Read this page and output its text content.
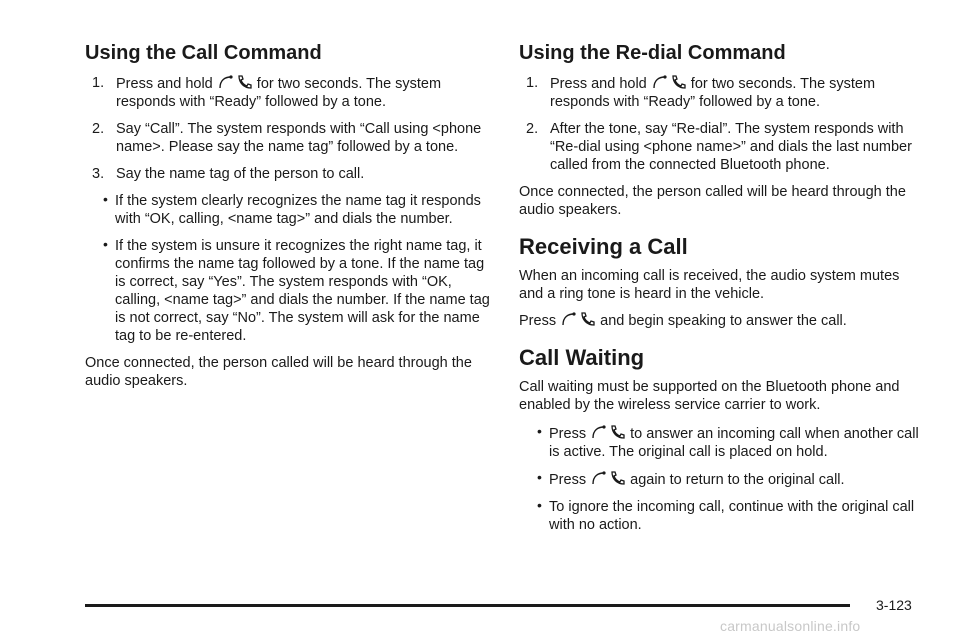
Using the Call Command
1. Press and hold	for two seconds. The system responds with “Ready” followed by a tone.
2. Say “Call”. The system responds with “Call using <phone name>. Please say the name tag” followed by a tone.
3. Say the name tag of the person to call.
• If the system clearly recognizes the name tag it responds with “OK, calling, <name tag>” and dials the number.
• If the system is unsure it recognizes the right name tag, it confirms the name tag followed by a tone. If the name tag is correct, say “Yes”. The system responds with “OK, calling, <name tag>” and dials the number. If the name tag is not correct, say “No”. The system will ask for the name tag to be re-entered.

Once connected, the person called will be heard through the audio speakers.

Using the Re-dial Command
1. Press and hold	for two seconds. The system responds with “Ready” followed by a tone.
2. After the tone, say “Re-dial”. The system responds with “Re-dial using <phone name>” and dials the last number called from the connected Bluetooth phone.

Once connected, the person called will be heard through the audio speakers.

Receiving a Call

When an incoming call is received, the audio system mutes and a ring tone is heard in the vehicle.

Press	and begin speaking to answer the call.

Call Waiting

Call waiting must be supported on the Bluetooth phone and enabled by the wireless service carrier to work.

• Press	to answer an incoming call when another call is active. The original call is placed on hold.
• Press	again to return to the original call.
• To ignore the incoming call, continue with the original call with no action.
3-123
carmanualsonline.info
